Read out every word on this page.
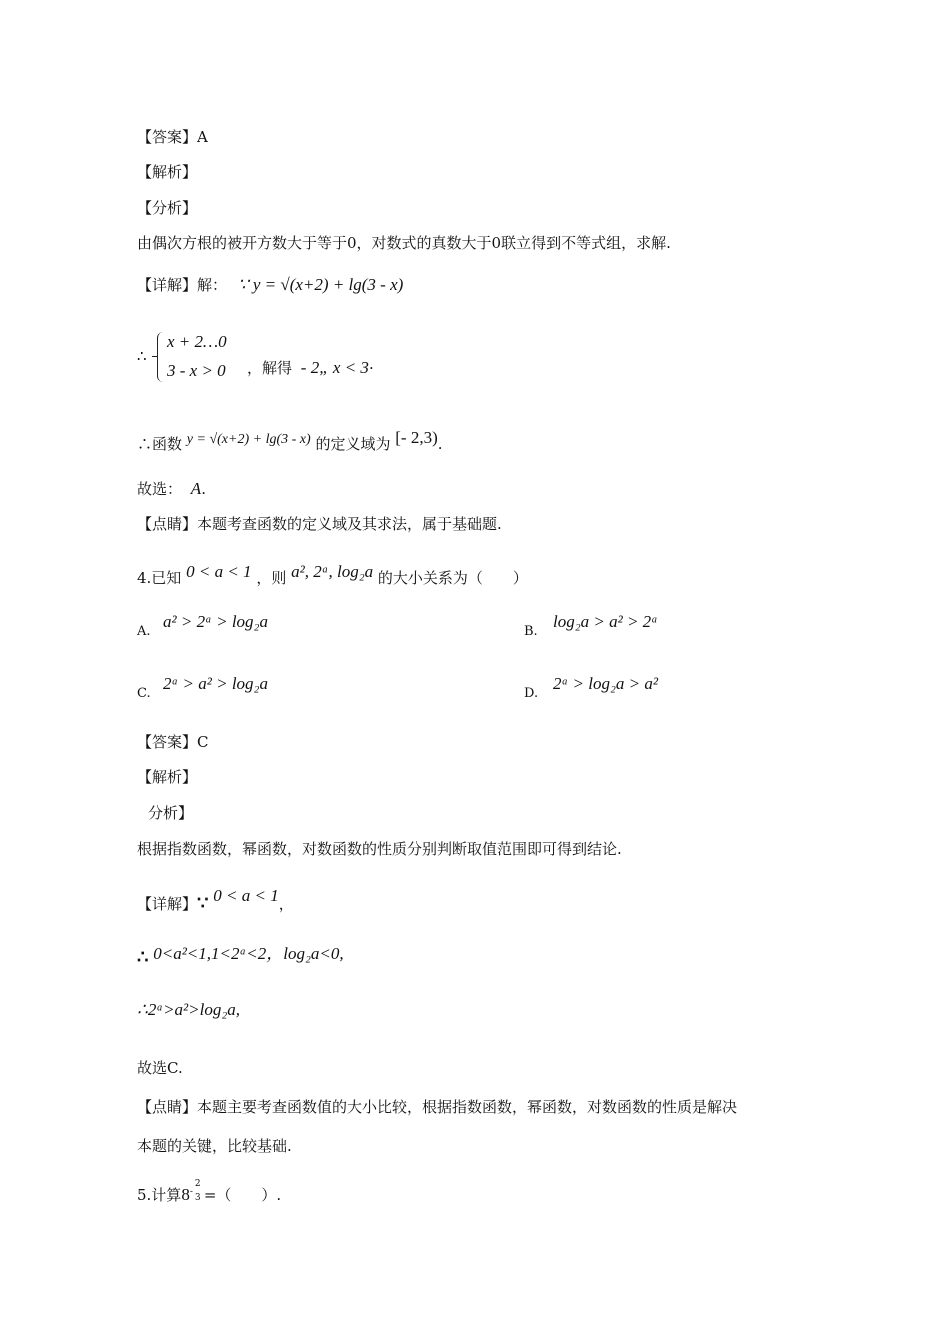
【答案】A
【解析】
【分析】
由偶次方根的被开方数大于等于0，对数式的真数大于0联立得到不等式组，求解.
【详解】解： ∵ y = √(x+2) + lg(3 - x)
∴
x + 2…0
3 - x > 0 ，解得 - 2„ x < 3·
∴函数 y = √(x+2) + lg(3 - x) 的定义域为 [- 2,3).
故选： A.
【点睛】本题考查函数的定义域及其求法，属于基础题.
4.已知 0 < a < 1 ，则 a², 2ᵃ, log₂a 的大小关系为（　　）
A.
a² > 2ᵃ > log₂a
B.
log₂a > a² > 2ᵃ
C.
2ᵃ > a² > log₂a
D.
2ᵃ > log₂a > a²
【答案】C
【解析】
分析】
根据指数函数，幂函数，对数函数的性质分别判断取值范围即可得到结论.
【详解】∵ 0 < a < 1，
∴ 0<a²<1,1<2ᵃ<2，log₂a<0,
∴2ᵃ>a²>log₂a,
故选C.
【点睛】本题主要考查函数值的大小比较，根据指数函数，幂函数，对数函数的性质是解决
本题的关键，比较基础.
5.计算8 -
2
3 =（　　）.
